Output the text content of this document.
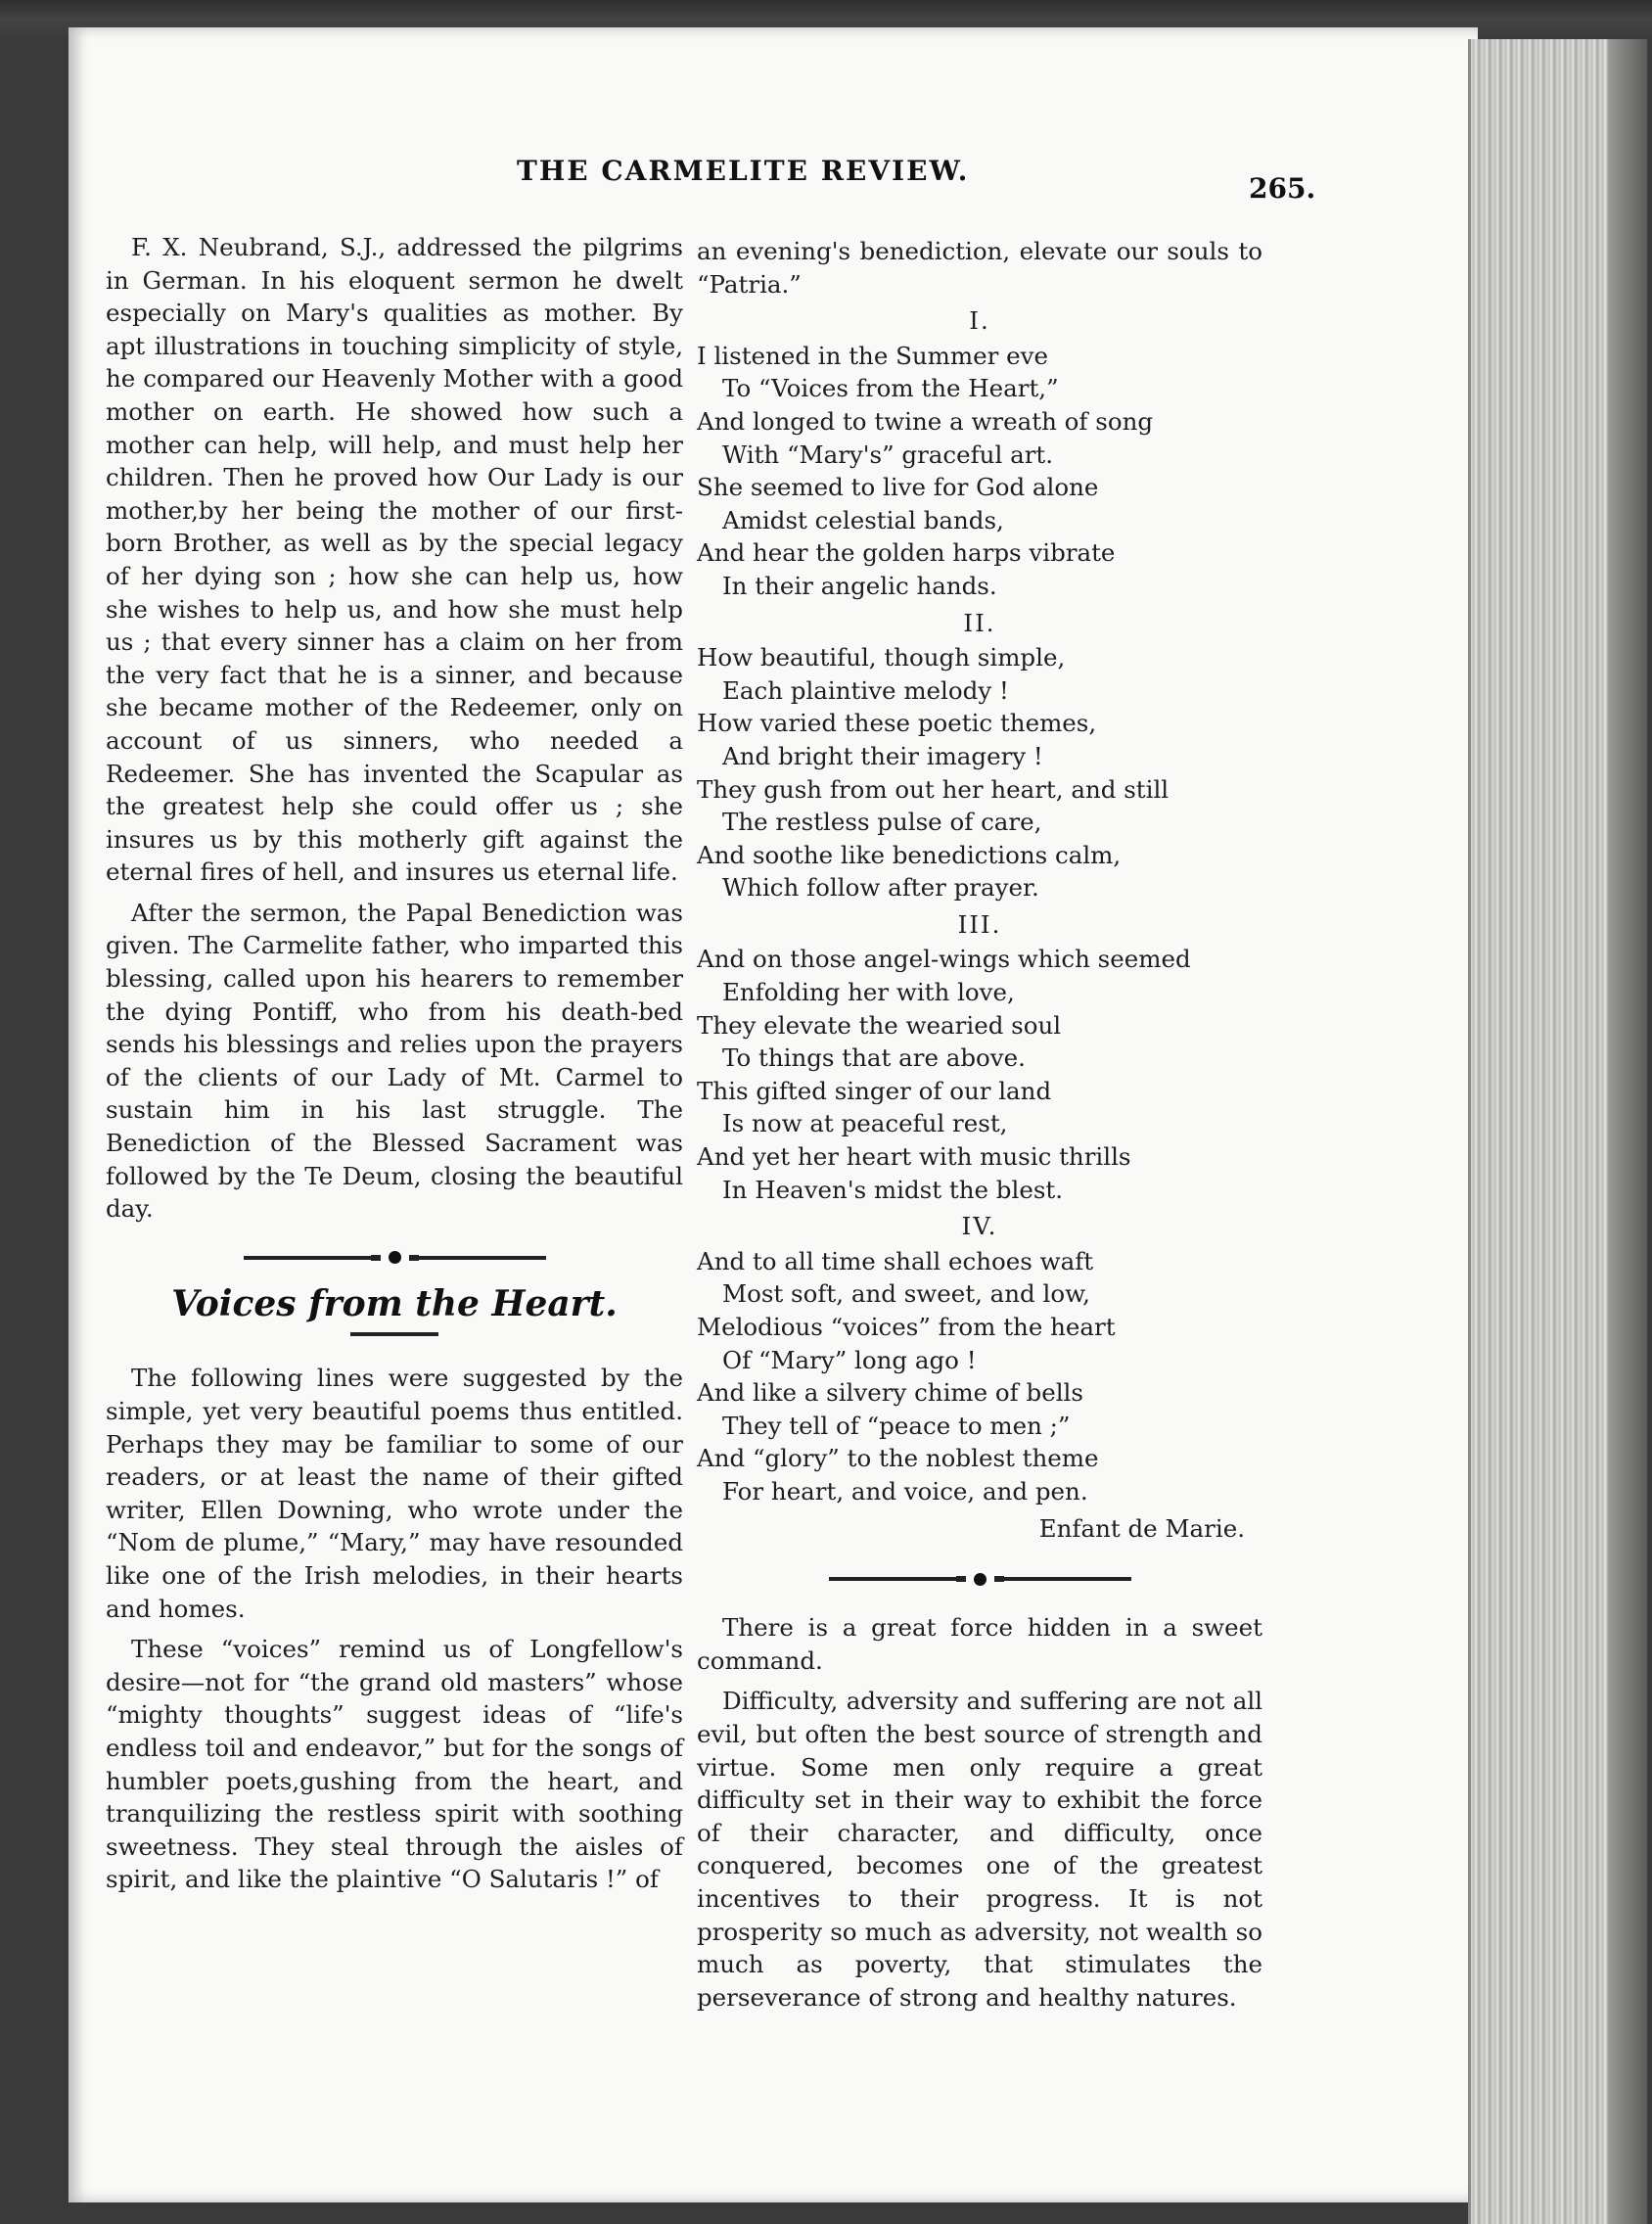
THE CARMELITE REVIEW.
265.

F. X. Neubrand, S.J., addressed the pilgrims in German. In his eloquent sermon he dwelt especially on Mary's qualities as mother. By apt illustrations in touching simplicity of style, he compared our Heavenly Mother with a good mother on earth. He showed how such a mother can help, will help, and must help her children. Then he proved how Our Lady is our mother,by her being the mother of our first-born Brother, as well as by the special legacy of her dying son ; how she can help us, how she wishes to help us, and how she must help us ; that every sinner has a claim on her from the very fact that he is a sinner, and because she became mother of the Redeemer, only on account of us sinners, who needed a Redeemer. She has invented the Scapular as the greatest help she could offer us ; she insures us by this motherly gift against the eternal fires of hell, and insures us eternal life.

After the sermon, the Papal Benediction was given. The Carmelite father, who imparted this blessing, called upon his hearers to remember the dying Pontiff, who from his death-bed sends his blessings and relies upon the prayers of the clients of our Lady of Mt. Carmel to sustain him in his last struggle. The Benediction of the Blessed Sacrament was followed by the Te Deum, closing the beautiful day.

Voices from the Heart.

The following lines were suggested by the simple, yet very beautiful poems thus entitled. Perhaps they may be familiar to some of our readers, or at least the name of their gifted writer, Ellen Downing, who wrote under the “Nom de plume,” “Mary,” may have resounded like one of the Irish melodies, in their hearts and homes.

These “voices” remind us of Longfellow's desire—not for “the grand old masters” whose “mighty thoughts” suggest ideas of “life's endless toil and endeavor,” but for the songs of humbler poets,gushing from the heart, and tranquilizing the restless spirit with soothing sweetness. They steal through the aisles of spirit, and like the plaintive “O Salutaris !” of

an evening's benediction, elevate our souls to “Patria.”

I.
I listened in the Summer eve
To “Voices from the Heart,”
And longed to twine a wreath of song
With “Mary's” graceful art.
She seemed to live for God alone
Amidst celestial bands,
And hear the golden harps vibrate
In their angelic hands.
II.
How beautiful, though simple,
Each plaintive melody !
How varied these poetic themes,
And bright their imagery !
They gush from out her heart, and still
The restless pulse of care,
And soothe like benedictions calm,
Which follow after prayer.
III.
And on those angel-wings which seemed
Enfolding her with love,
They elevate the wearied soul
To things that are above.
This gifted singer of our land
Is now at peaceful rest,
And yet her heart with music thrills
In Heaven's midst the blest.
IV.
And to all time shall echoes waft
Most soft, and sweet, and low,
Melodious “voices” from the heart
Of “Mary” long ago !
And like a silvery chime of bells
They tell of “peace to men ;”
And “glory” to the noblest theme
For heart, and voice, and pen.
Enfant de Marie.

There is a great force hidden in a sweet command.

Difficulty, adversity and suffering are not all evil, but often the best source of strength and virtue. Some men only require a great difficulty set in their way to exhibit the force of their character, and difficulty, once conquered, becomes one of the greatest incentives to their progress. It is not prosperity so much as adversity, not wealth so much as poverty, that stimulates the perseverance of strong and healthy natures.
